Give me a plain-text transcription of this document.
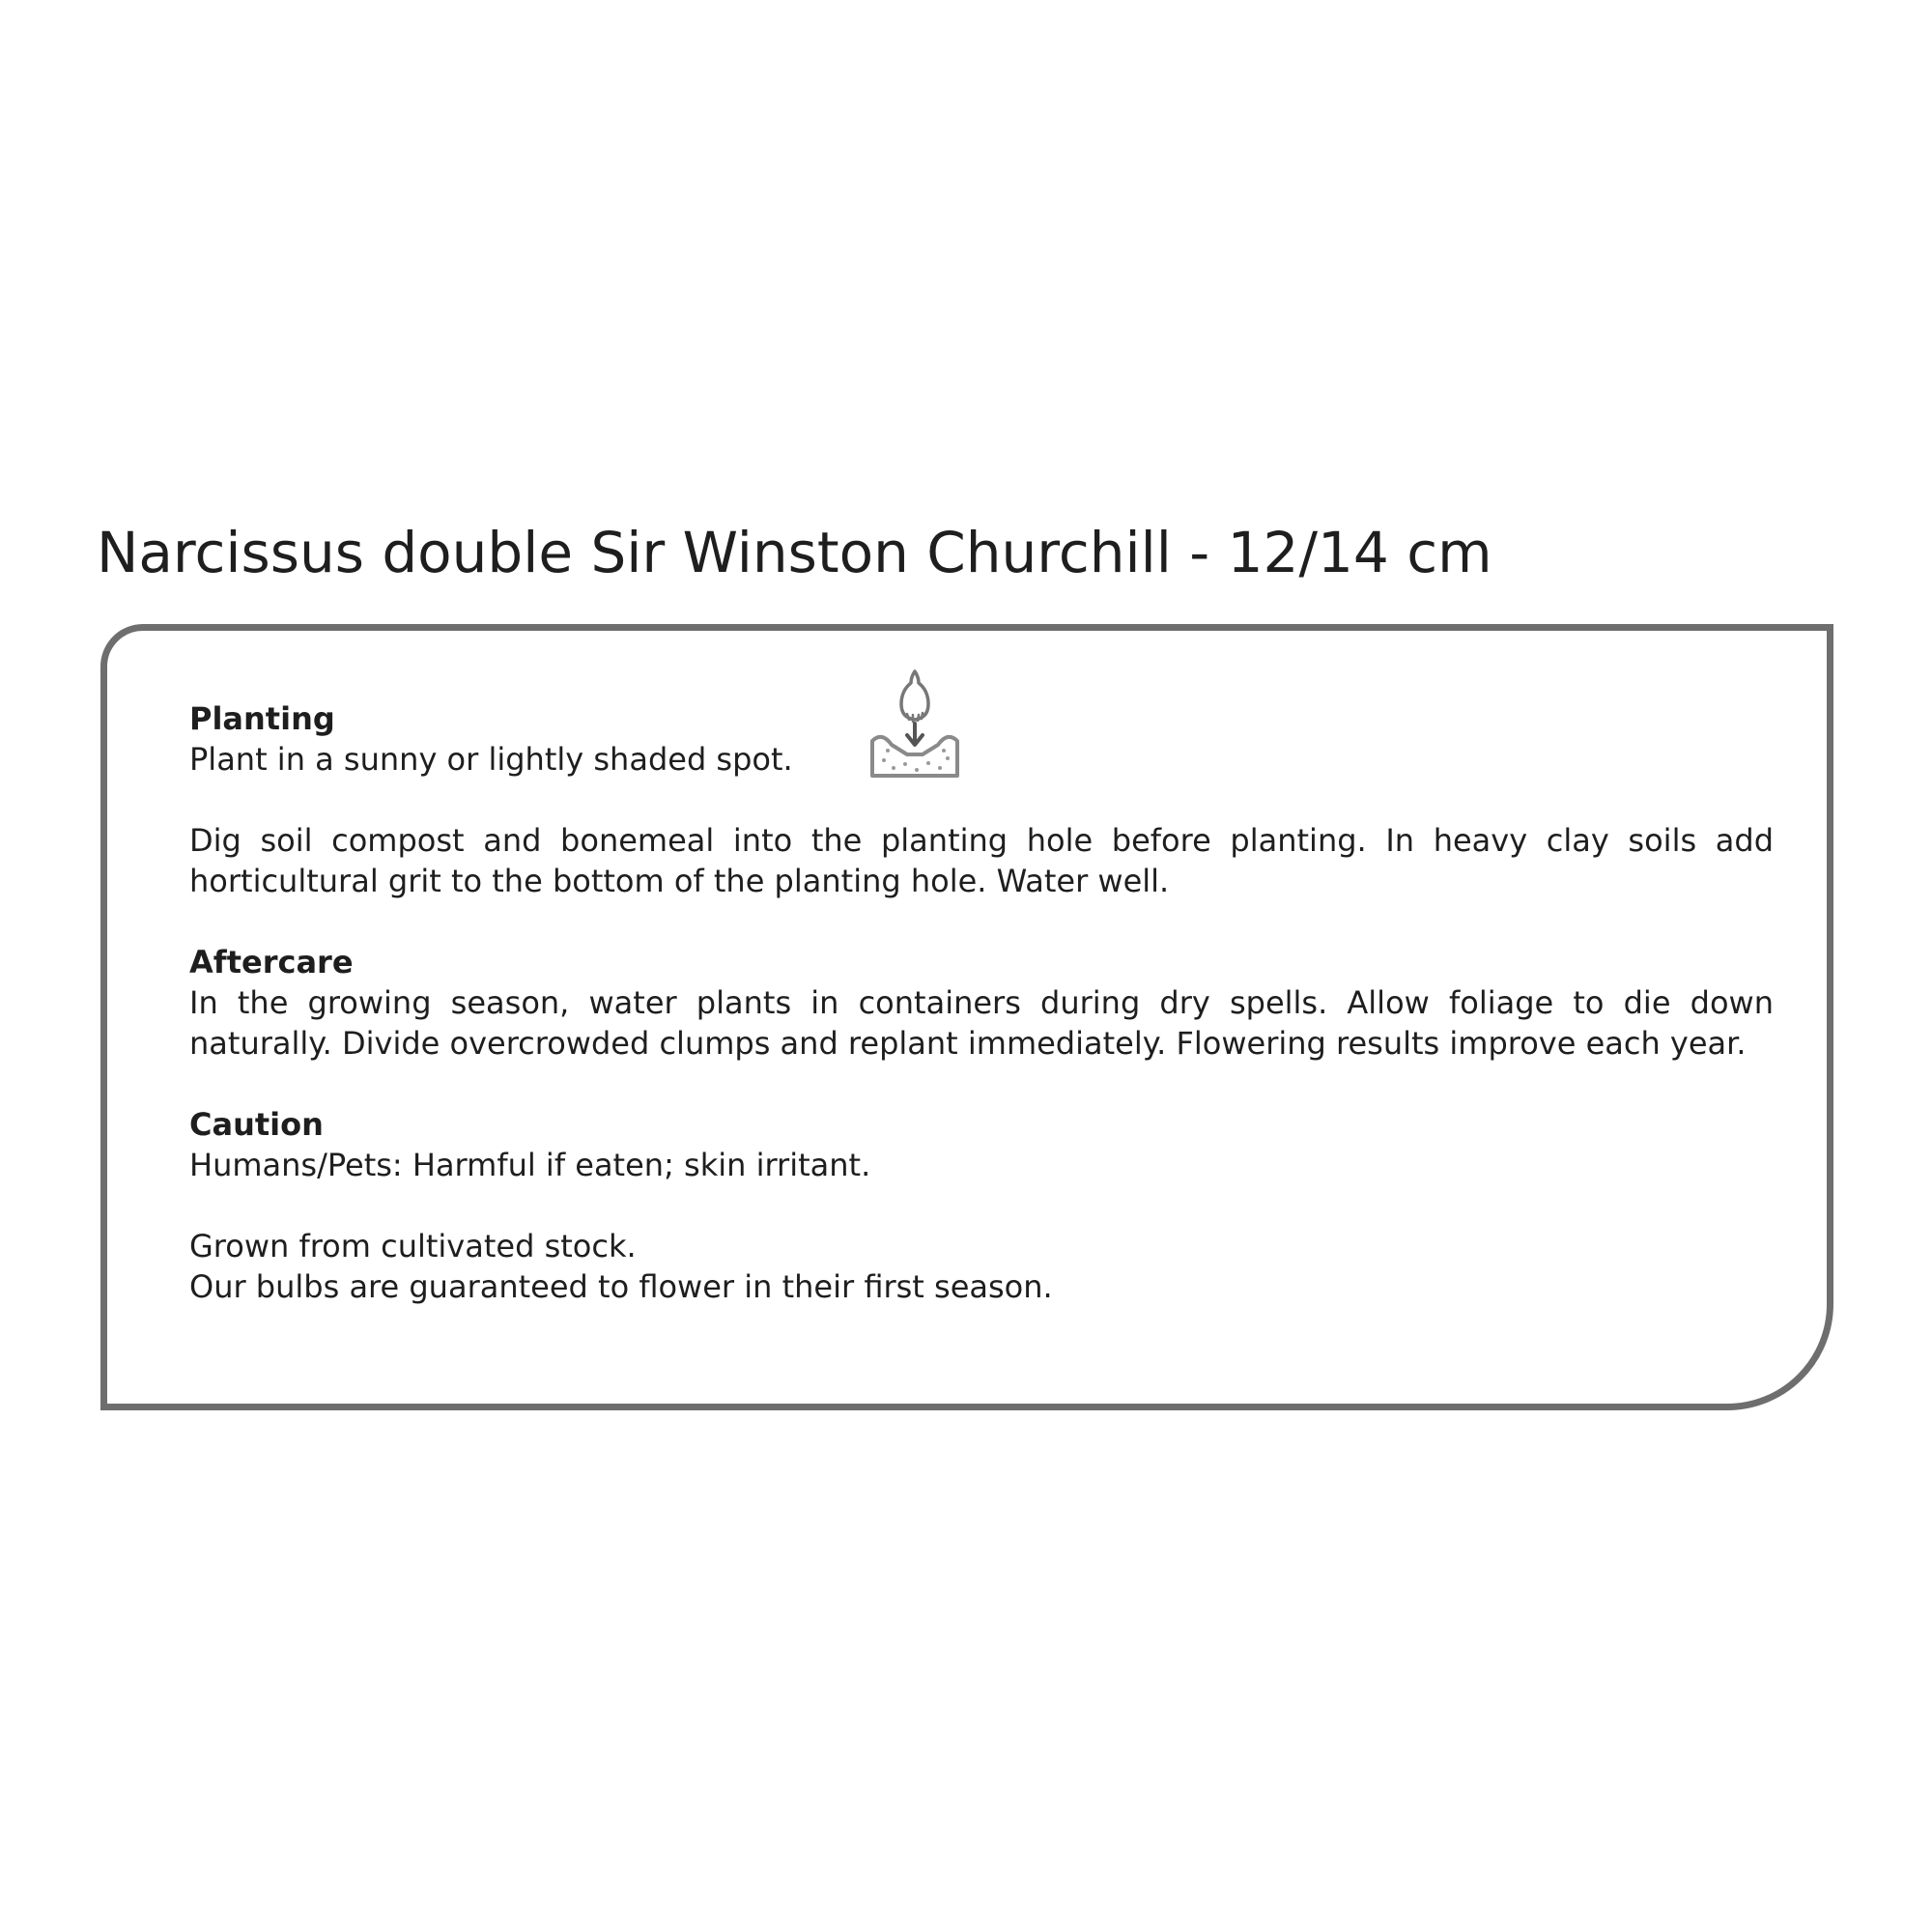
Narcissus double Sir Winston Churchill - 12/14 cm

Planting

Plant in a sunny or lightly shaded spot.

Dig soil compost and bonemeal into the planting hole before planting. In heavy clay soils add horticultural grit to the bottom of the planting hole. Water well.

Aftercare

In the growing season, water plants in containers during dry spells. Allow foliage to die down naturally. Divide overcrowded clumps and replant immediately. Flowering results improve each year.

Caution

Humans/Pets: Harmful if eaten; skin irritant.

Grown from cultivated stock.

Our bulbs are guaranteed to flower in their first season.
